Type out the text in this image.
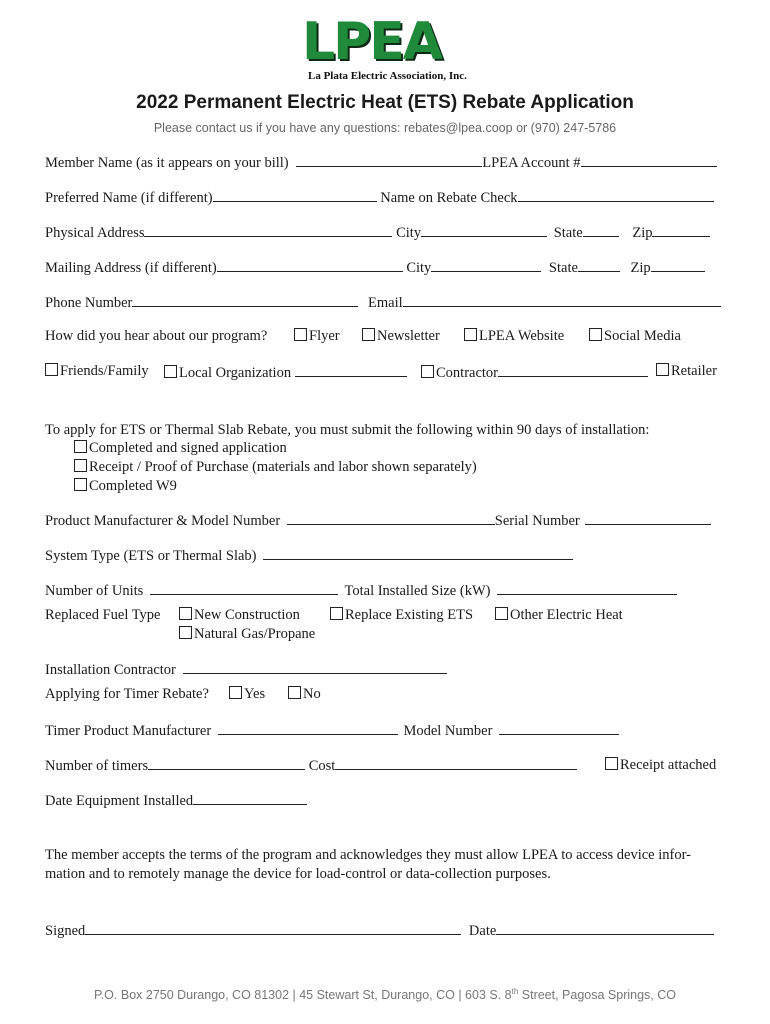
LPEA
La Plata Electric Association, Inc.
2022 Permanent Electric Heat (ETS) Rebate Application
Please contact us if you have any questions: rebates@lpea.coop or (970) 247-5786
Member Name (as it appears on your bill)	LPEA Account #
Preferred Name (if different)	Name on Rebate Check
Physical Address	City	State	Zip
Mailing Address (if different)	City	State	Zip
Phone Number	Email
How did you hear about our program?	Flyer	Newsletter	LPEA Website	Social Media
Friends/Family	Local Organization	Contractor	Retailer
To apply for ETS or Thermal Slab Rebate, you must submit the following within 90 days of installation:
Completed and signed application
Receipt / Proof of Purchase (materials and labor shown separately)
Completed W9
Product Manufacturer & Model Number	Serial Number
System Type (ETS or Thermal Slab)
Number of Units	Total Installed Size (kW)
Replaced Fuel Type	New Construction	Replace Existing ETS	Other Electric Heat
Natural Gas/Propane
Installation Contractor
Applying for Timer Rebate?	Yes	No
Timer Product Manufacturer	Model Number
Number of timers	Cost	Receipt attached
Date Equipment Installed
The member accepts the terms of the program and acknowledges they must allow LPEA to access device infor-
mation and to remotely manage the device for load-control or data-collection purposes.
Signed	Date
P.O. Box 2750 Durango, CO 81302 | 45 Stewart St, Durango, CO | 603 S. 8th Street, Pagosa Springs, CO
